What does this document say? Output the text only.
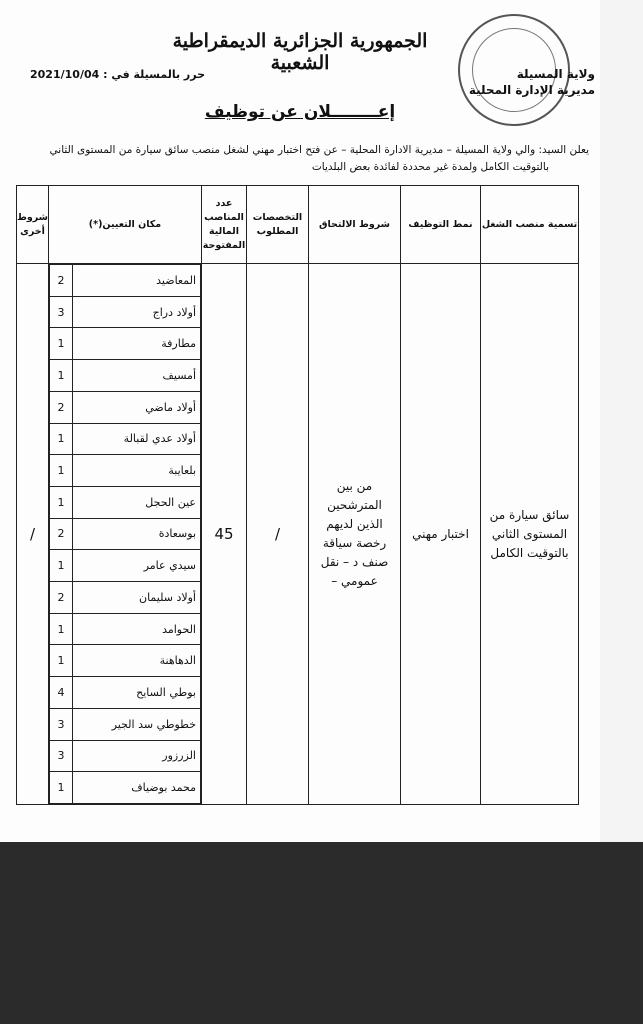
الجمهورية الجزائرية الديمقراطية الشعبية
حرر بالمسيلة في : 2021/10/04	ولاية المسيلة
مديرية الإدارة المحلية
إعــــــــلان عن توظيف
يعلن السيد: والي ولاية المسيلة – مديرية الادارة المحلية – عن فتح اختبار مهني لشغل منصب سائق سيارة من المستوى الثاني
بالتوقيت الكامل ولمدة غير محددة لفائدة بعض البلديات
تسمية منصب الشغل	نمط التوظيف	شروط الالتحاق	التخصصات المطلوب	عدد المناصب المالية المفتوحة	مكان التعيين(*)	شروط أخرى
سائق سيارة من المستوى الثاني بالتوقيت الكامل	اختبار مهني	من بين المترشحين الذين لديهم رخصة سياقة صنف د – نقل عمومي –	/	45	
المعاضيد	2
أولاد دراج	3
مطارفة	1
أمسيف	1
أولاد ماضي	2
أولاد عدي لقبالة	1
بلعايبة	1
عين الحجل	1
بوسعادة	2
سيدي عامر	1
أولاد سليمان	2
الحوامد	1
الدهاهنة	1
بوطي السايح	4
خطوطي سد الجير	3
الزرزور	3
محمد بوضياف	1
	/
